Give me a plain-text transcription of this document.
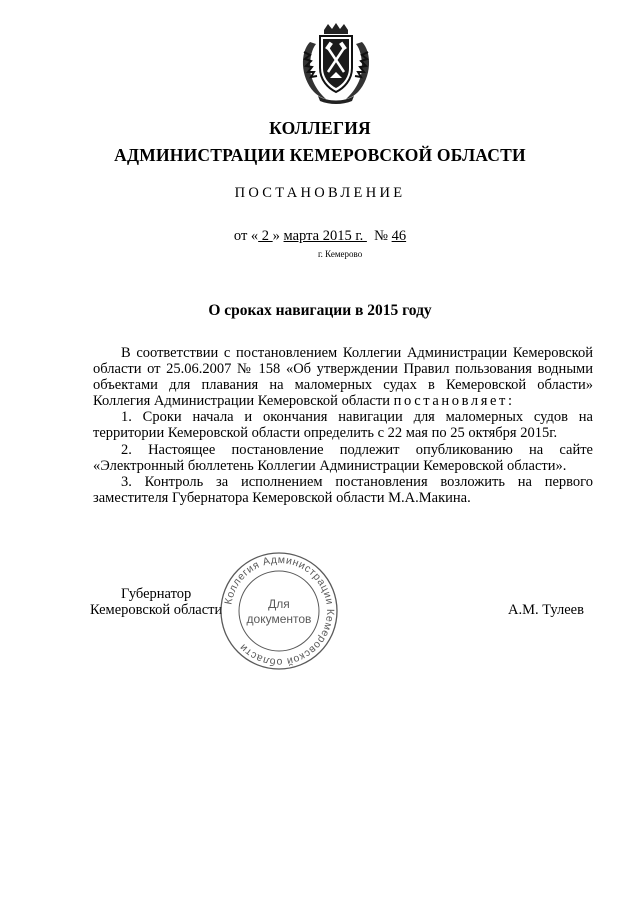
КОЛЛЕГИЯ
АДМИНИСТРАЦИИ КЕМЕРОВСКОЙ ОБЛАСТИ
ПОСТАНОВЛЕНИЕ
от « 2 » марта 2015 г.   № 46
г. Кемерово
О сроках навигации в 2015 году

В соответствии с постановлением Коллегии Администрации Кемеровской области от 25.06.2007 № 158 «Об утверждении Правил пользования водными объектами для плавания на маломерных судах в Кемеровской области» Коллегия Администрации Кемеровской области постановляет:

1. Сроки начала и окончания навигации для маломерных судов на территории Кемеровской области определить с 22 мая по 25 октября 2015г.

2. Настоящее постановление подлежит опубликованию на сайте «Электронный бюллетень Коллегии Администрации Кемеровской области».

3. Контроль за исполнением постановления возложить на первого заместителя Губернатора Кемеровской области М.А.Макина.

Губернатор
Кемеровской области	А.М. Тулеев
Коллегия Администрации Кемеровской области
Для
документов
